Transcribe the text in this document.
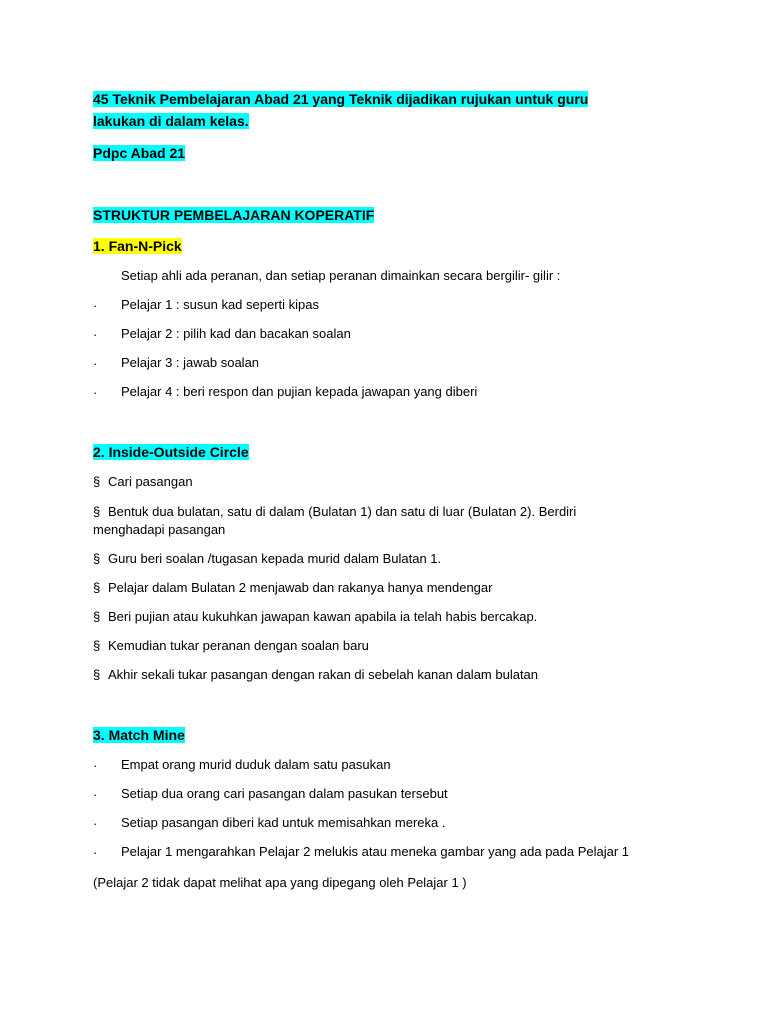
45 Teknik Pembelajaran Abad 21 yang Teknik dijadikan rujukan untuk guru
lakukan di dalam kelas.
Pdpc Abad 21
STRUKTUR PEMBELAJARAN KOPERATIF
1. Fan-N-Pick
Setiap ahli ada peranan, dan setiap peranan dimainkan secara bergilir- gilir :
· Pelajar 1 : susun kad seperti kipas
· Pelajar 2 : pilih kad dan bacakan soalan
· Pelajar 3 : jawab soalan
· Pelajar 4 : beri respon dan pujian kepada jawapan yang diberi
2. Inside-Outside Circle
§ Cari pasangan
§ Bentuk dua bulatan, satu di dalam (Bulatan 1) dan satu di luar (Bulatan 2). Berdiri
menghadapi pasangan
§ Guru beri soalan /tugasan kepada murid dalam Bulatan 1.
§ Pelajar dalam Bulatan 2 menjawab dan rakanya hanya mendengar
§ Beri pujian atau kukuhkan jawapan kawan apabila ia telah habis bercakap.
§ Kemudian tukar peranan dengan soalan baru
§ Akhir sekali tukar pasangan dengan rakan di sebelah kanan dalam bulatan
3. Match Mine
· Empat orang murid duduk dalam satu pasukan
· Setiap dua orang cari pasangan dalam pasukan tersebut
· Setiap pasangan diberi kad untuk memisahkan mereka .
· Pelajar 1 mengarahkan Pelajar 2 melukis atau meneka gambar yang ada pada Pelajar 1
(Pelajar 2 tidak dapat melihat apa yang dipegang oleh Pelajar 1 )
